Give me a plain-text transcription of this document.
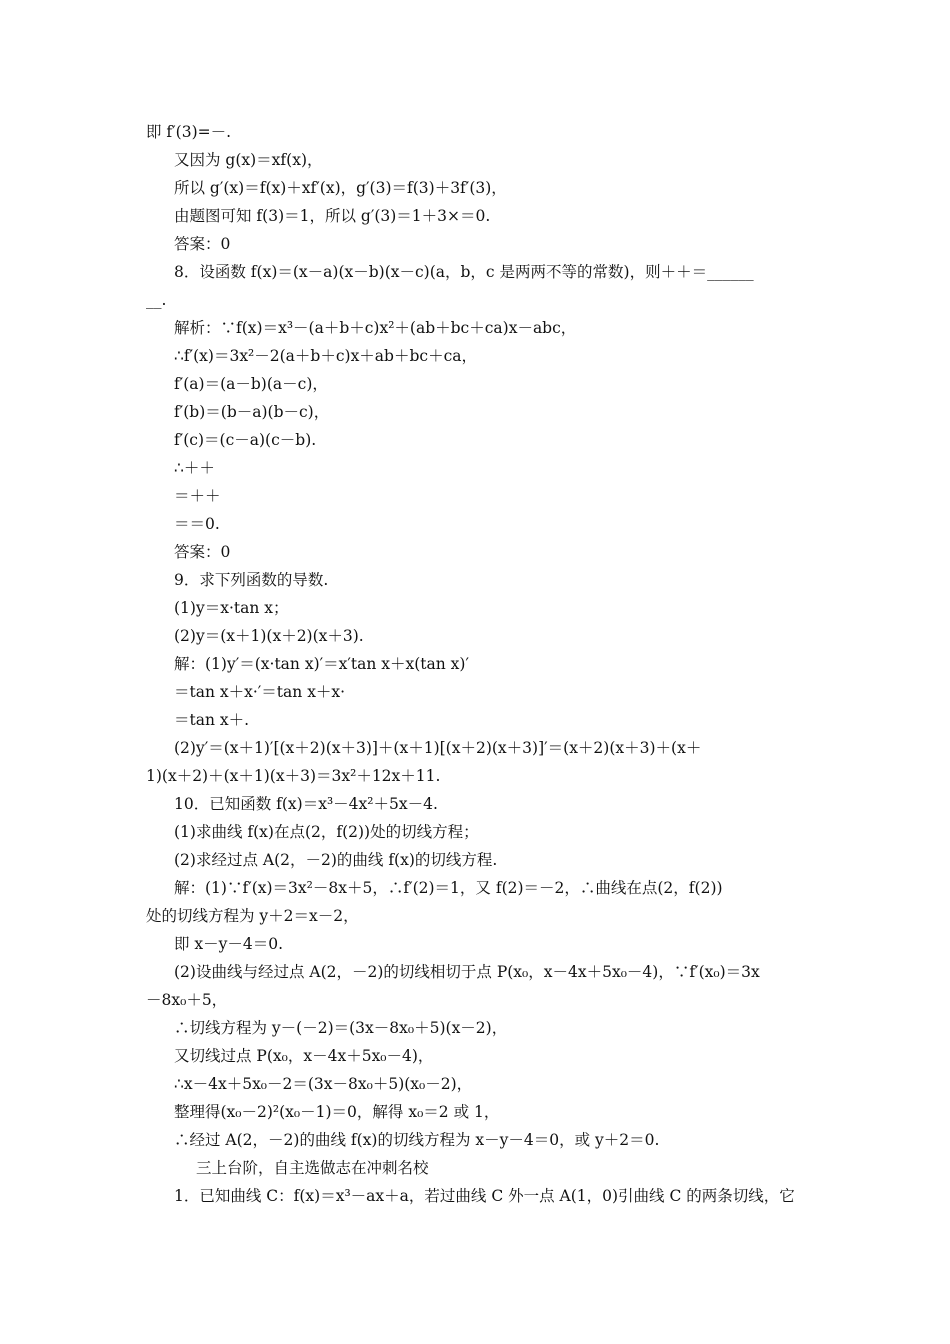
即 f′(3)=－.
又因为 g(x)＝xf(x)，
所以 g′(x)＝f(x)＋xf′(x)，g′(3)＝f(3)＋3f′(3)，
由题图可知 f(3)＝1，所以 g′(3)＝1＋3×＝0.
答案：0
8．设函数 f(x)＝(x－a)(x－b)(x－c)(a，b，c 是两两不等的常数)，则＋＋＝______
__.
解析：∵f(x)＝x³－(a＋b＋c)x²＋(ab＋bc＋ca)x－abc，
∴f′(x)＝3x²－2(a＋b＋c)x＋ab＋bc＋ca，
f′(a)＝(a－b)(a－c)，
f′(b)＝(b－a)(b－c)，
f′(c)＝(c－a)(c－b).
∴＋＋
＝＋＋
＝＝0.
答案：0
9．求下列函数的导数.
(1)y＝x·tan x；
(2)y＝(x＋1)(x＋2)(x＋3).
解：(1)y′＝(x·tan x)′＝x′tan x＋x(tan x)′
＝tan x＋x·′＝tan x＋x·
＝tan x＋.
(2)y′＝(x＋1)′[(x＋2)(x＋3)]＋(x＋1)[(x＋2)(x＋3)]′＝(x＋2)(x＋3)＋(x＋
1)(x＋2)＋(x＋1)(x＋3)＝3x²＋12x＋11.
10．已知函数 f(x)＝x³－4x²＋5x－4.
(1)求曲线 f(x)在点(2，f(2))处的切线方程；
(2)求经过点 A(2，－2)的曲线 f(x)的切线方程.
解：(1)∵f′(x)＝3x²－8x＋5，∴f′(2)＝1，又 f(2)＝－2，∴曲线在点(2，f(2))
处的切线方程为 y＋2＝x－2，
即 x－y－4＝0.
(2)设曲线与经过点 A(2，－2)的切线相切于点 P(x₀，x－4x＋5x₀－4)，∵f′(x₀)＝3x
－8x₀＋5，
∴切线方程为 y－(－2)＝(3x－8x₀＋5)(x－2)，
又切线过点 P(x₀，x－4x＋5x₀－4)，
∴x－4x＋5x₀－2＝(3x－8x₀＋5)(x₀－2)，
整理得(x₀－2)²(x₀－1)＝0，解得 x₀＝2 或 1，
∴经过 A(2，－2)的曲线 f(x)的切线方程为 x－y－4＝0，或 y＋2＝0.
三上台阶，自主选做志在冲刺名校
1．已知曲线 C：f(x)＝x³－ax＋a，若过曲线 C 外一点 A(1，0)引曲线 C 的两条切线，它
